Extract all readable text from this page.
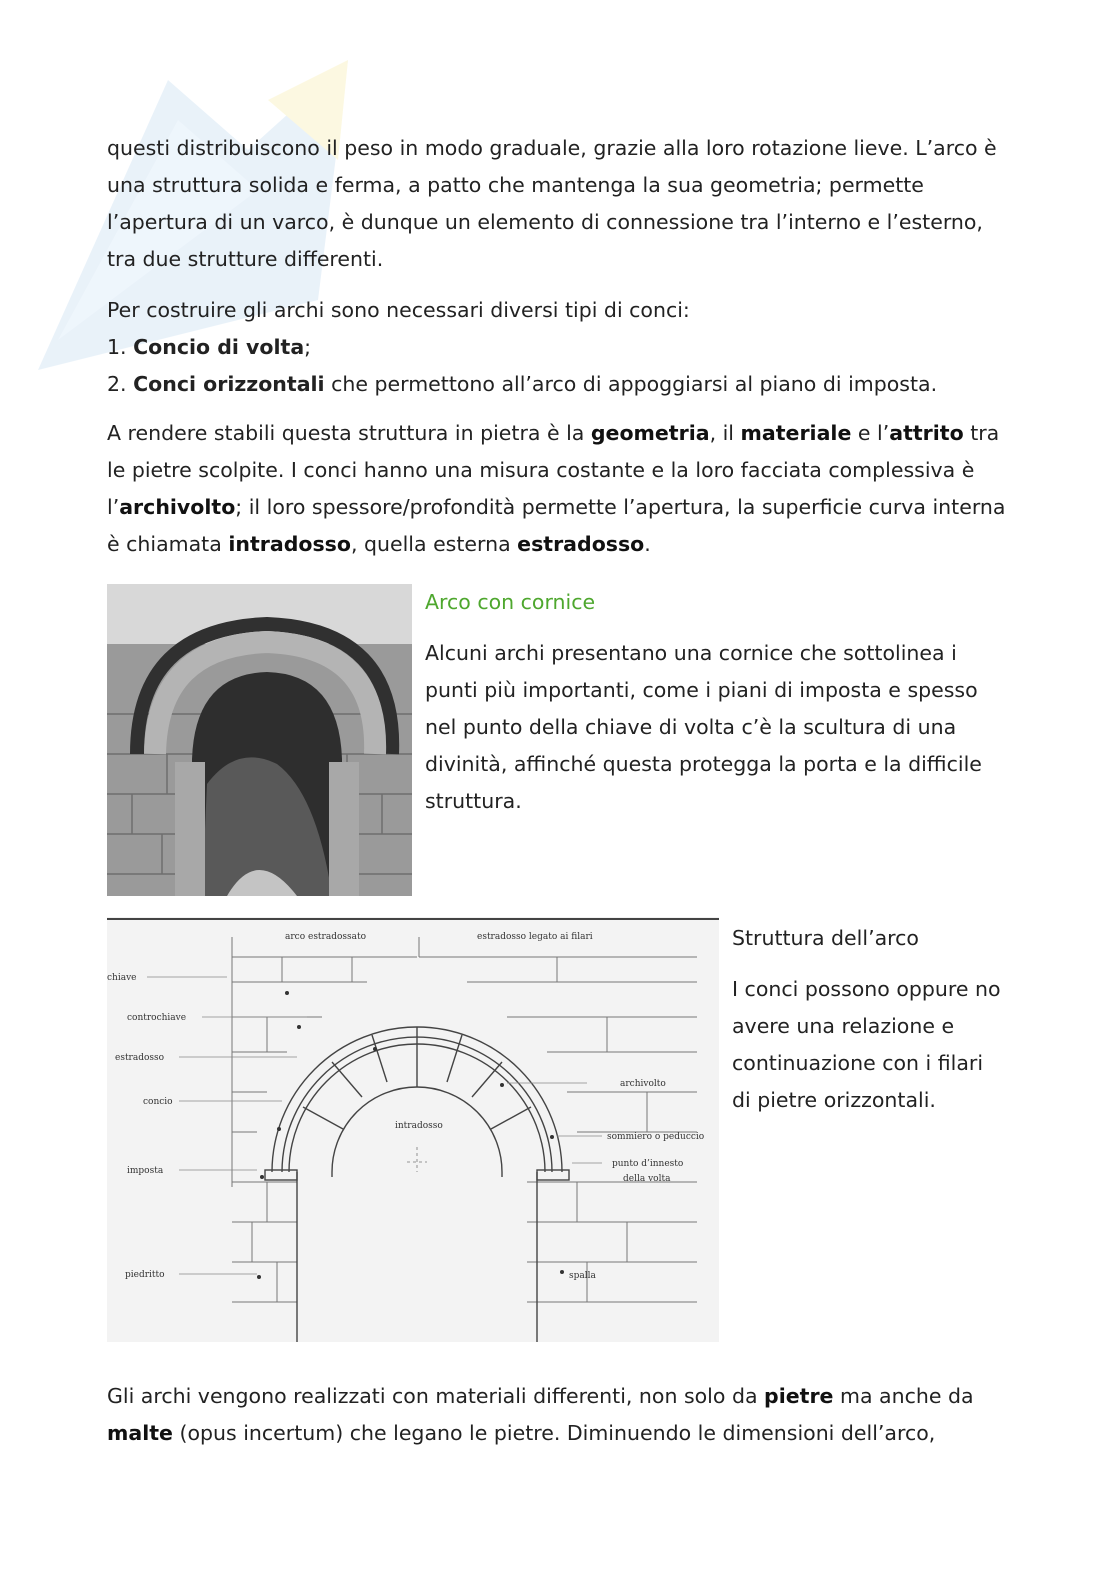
questi distribuiscono il peso in modo graduale, grazie alla loro rotazione lieve. L’arco è una struttura solida e ferma, a patto che mantenga la sua geometria; permette l’apertura di un varco, è dunque un elemento di connessione tra l’interno e l’esterno, tra due strutture differenti.

Per costruire gli archi sono necessari diversi tipi di conci:

1. Concio di volta;

2. Conci orizzontali che permettono all’arco di appoggiarsi al piano di imposta.

A rendere stabili questa struttura in pietra è la geometria, il materiale e l’attrito tra le pietre scolpite. I conci hanno una misura costante e la loro facciata complessiva è l’archivolto; il loro spessore/profondità permette l’apertura, la superficie curva interna è chiamata intradosso, quella esterna estradosso.

Arco con cornice

Alcuni archi presentano una cornice che sottolinea i punti più importanti, come i piani di imposta e spesso nel punto della chiave di volta c’è la scultura di una divinità, affinché questa protegga la porta e la difficile struttura.

arco estradossato	estradosso legato ai filari
chiave
controchiave
estradosso
concio
imposta
piedritto
archivolto
intradosso
sommiero o peduccio
punto d’innesto
della volta
spalla

Struttura dell’arco

I conci possono oppure no avere una relazione e continuazione con i filari di pietre orizzontali.

Gli archi vengono realizzati con materiali differenti, non solo da pietre ma anche da malte (opus incertum) che legano le pietre. Diminuendo le dimensioni dell’arco,
